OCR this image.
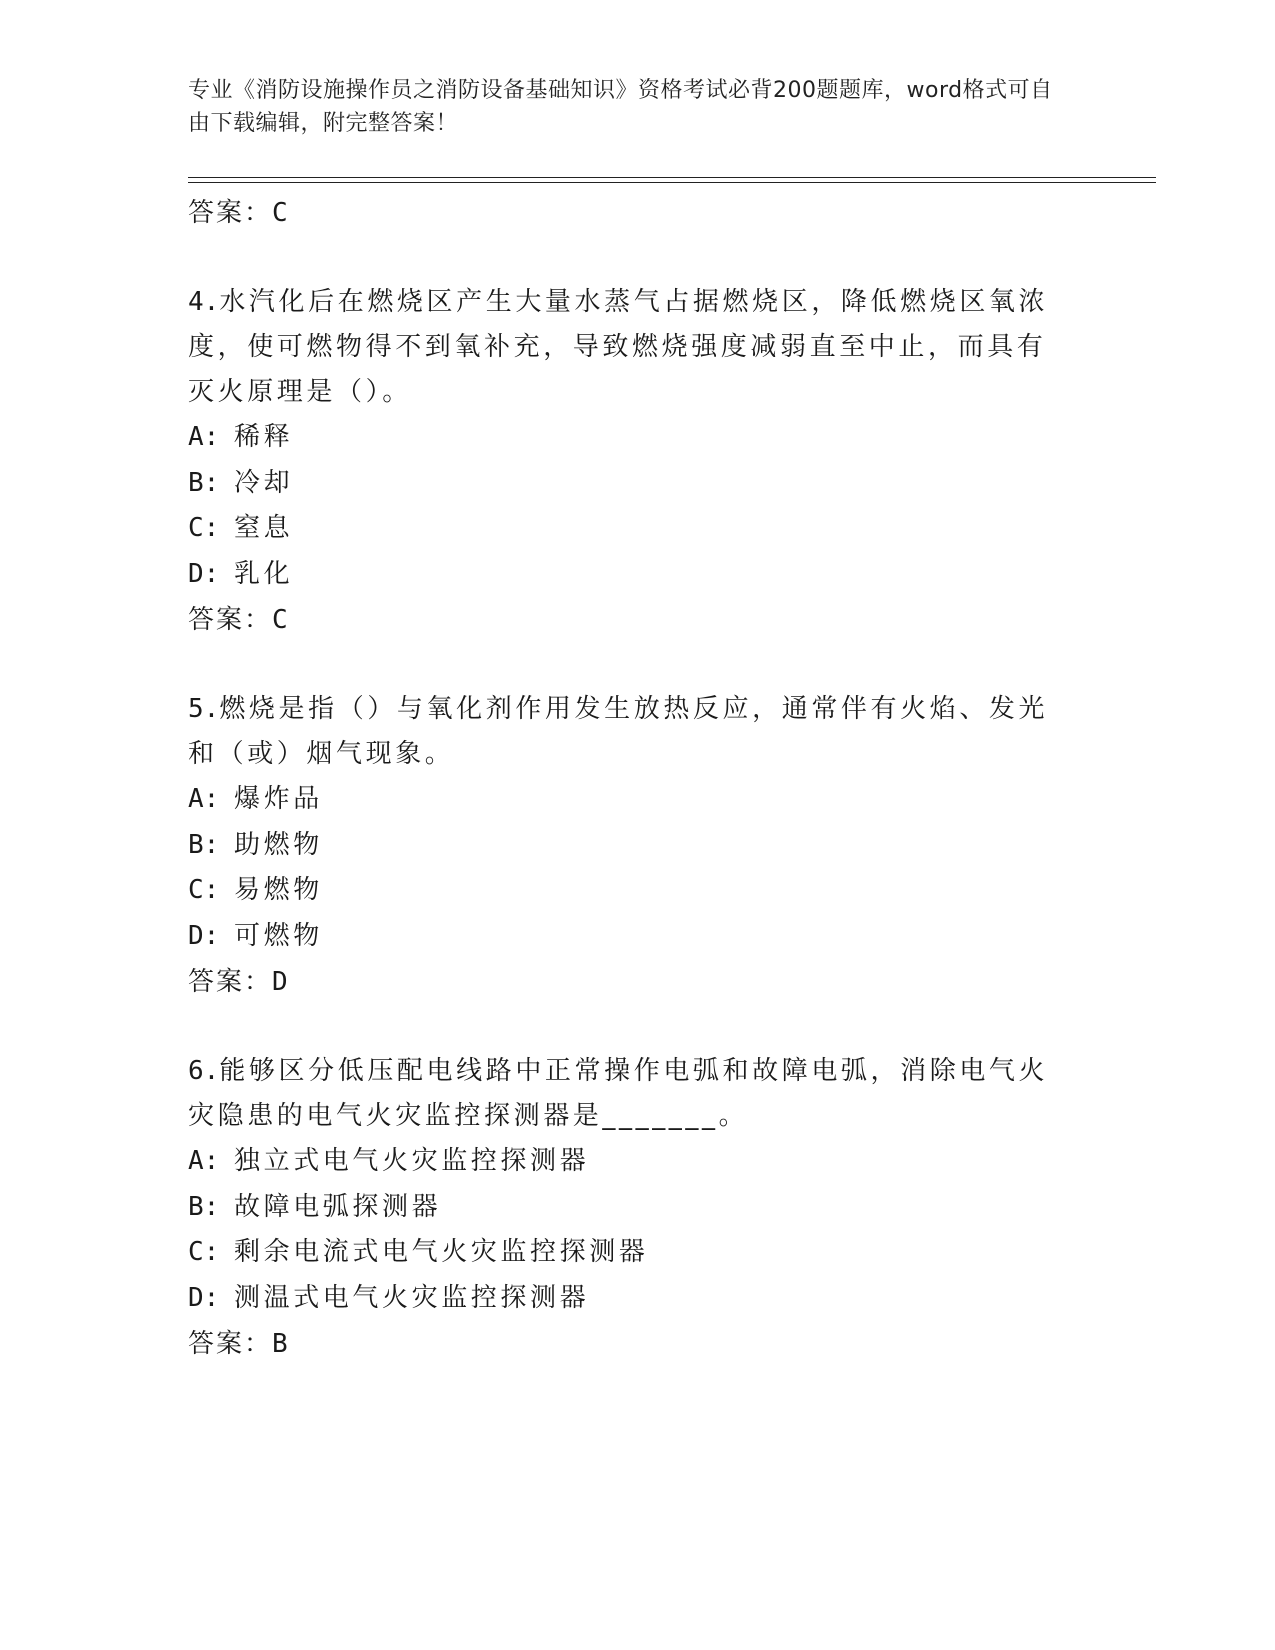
专业《消防设施操作员之消防设备基础知识》资格考试必背200题题库，word格式可自由下载编辑，附完整答案！
答案：C
4.水汽化后在燃烧区产生大量水蒸气占据燃烧区，降低燃烧区氧浓度，使可燃物得不到氧补充，导致燃烧强度减弱直至中止，而具有灭火原理是（）。
A: 稀释
B: 冷却
C: 窒息
D: 乳化
答案：C
5.燃烧是指（）与氧化剂作用发生放热反应，通常伴有火焰、发光和（或）烟气现象。
A: 爆炸品
B: 助燃物
C: 易燃物
D: 可燃物
答案：D
6.能够区分低压配电线路中正常操作电弧和故障电弧，消除电气火灾隐患的电气火灾监控探测器是_______。
A: 独立式电气火灾监控探测器
B: 故障电弧探测器
C: 剩余电流式电气火灾监控探测器
D: 测温式电气火灾监控探测器
答案：B
